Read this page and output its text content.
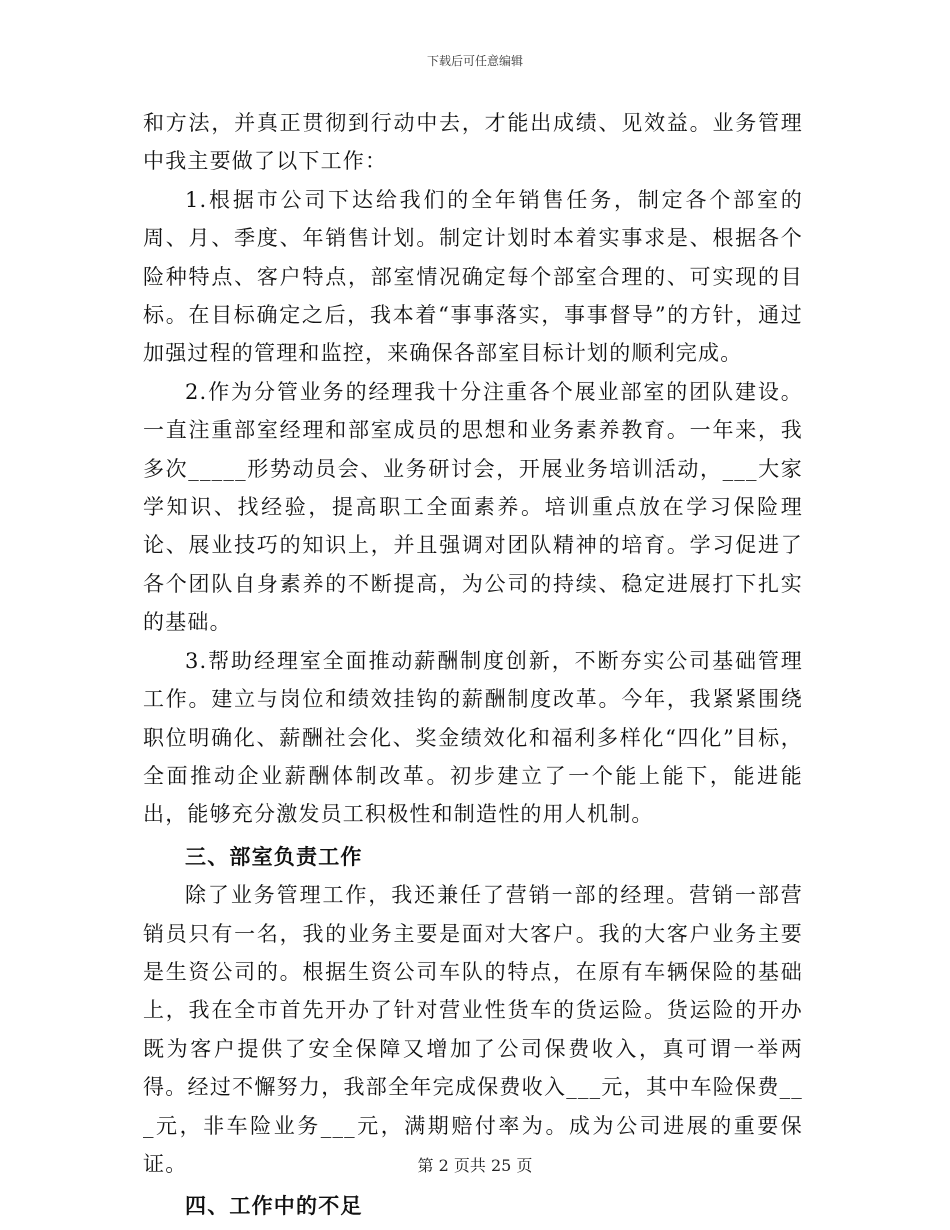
下载后可任意编辑

和方法，并真正贯彻到行动中去，才能出成绩、见效益。业务管理中我主要做了以下工作：

1.根据市公司下达给我们的全年销售任务，制定各个部室的周、月、季度、年销售计划。制定计划时本着实事求是、根据各个险种特点、客户特点，部室情况确定每个部室合理的、可实现的目标。在目标确定之后，我本着“事事落实，事事督导”的方针，通过加强过程的管理和监控，来确保各部室目标计划的顺利完成。

2.作为分管业务的经理我十分注重各个展业部室的团队建设。一直注重部室经理和部室成员的思想和业务素养教育。一年来，我多次_____形势动员会、业务研讨会，开展业务培训活动，___大家学知识、找经验，提高职工全面素养。培训重点放在学习保险理论、展业技巧的知识上，并且强调对团队精神的培育。学习促进了各个团队自身素养的不断提高，为公司的持续、稳定进展打下扎实的基础。

3.帮助经理室全面推动薪酬制度创新，不断夯实公司基础管理工作。建立与岗位和绩效挂钩的薪酬制度改革。今年，我紧紧围绕职位明确化、薪酬社会化、奖金绩效化和福利多样化“四化”目标，全面推动企业薪酬体制改革。初步建立了一个能上能下，能进能出，能够充分激发员工积极性和制造性的用人机制。

三、部室负责工作

除了业务管理工作，我还兼任了营销一部的经理。营销一部营销员只有一名，我的业务主要是面对大客户。我的大客户业务主要是生资公司的。根据生资公司车队的特点，在原有车辆保险的基础上，我在全市首先开办了针对营业性货车的货运险。货运险的开办既为客户提供了安全保障又增加了公司保费收入，真可谓一举两得。经过不懈努力，我部全年完成保费收入___元，其中车险保费___元，非车险业务___元，满期赔付率为。成为公司进展的重要保证。

四、工作中的不足
第 2 页共 25 页
